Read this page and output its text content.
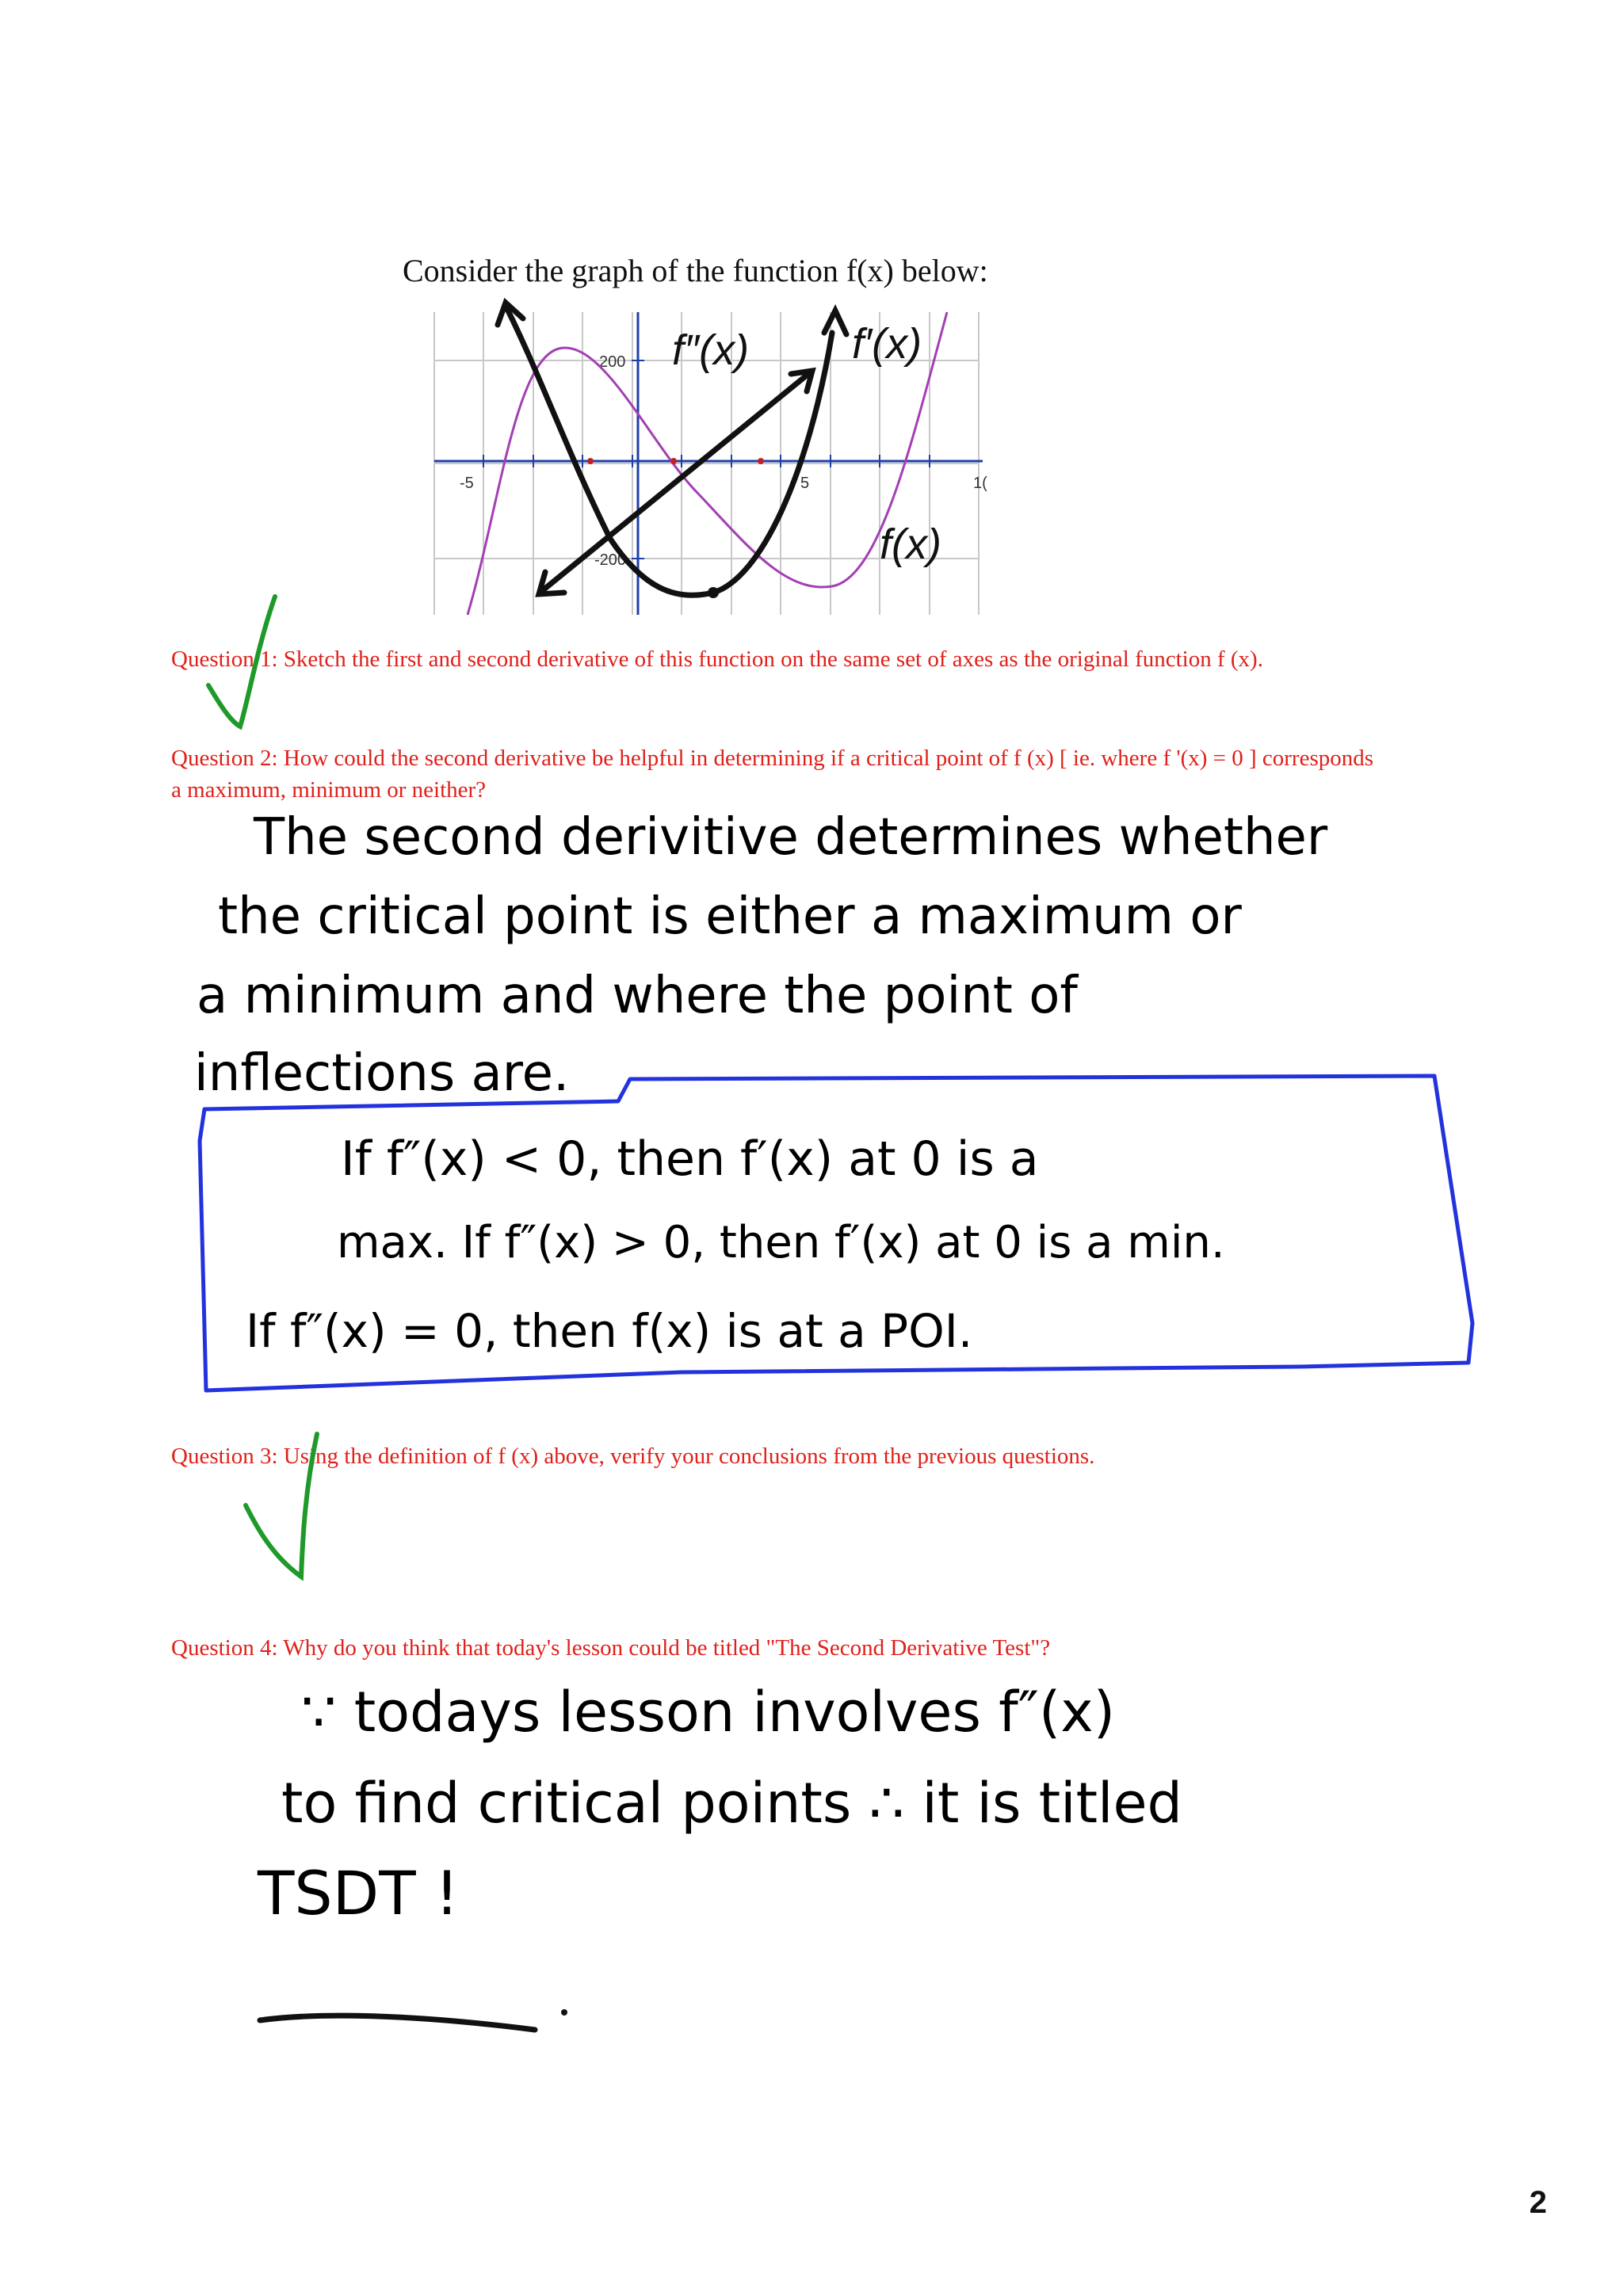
Consider the graph of the function f(x) below:
-5	5	1(
200
-200
f″(x) f′(x)
f(x)
Question 1: Sketch the first and second derivative of this function on the same set of axes as the original function f (x).
Question 2: How could the second derivative be helpful in determining if a critical point of f (x) [ ie. where f '(x) = 0 ] corresponds
a maximum, minimum or neither?
The second derivitive determines whether
the critical point is either a maximum or
a minimum and where the point of
inflections are.
If f″(x) < 0, then f′(x) at 0 is a
max. If f″(x) > 0, then f′(x) at 0 is a min.
If f″(x) = 0, then f(x) is at a POI.
Question 3: Using the definition of f (x) above, verify your conclusions from the previous questions.
Question 4: Why do you think that today's lesson could be titled "The Second Derivative Test"?
∵ todays lesson involves f″(x)
to find critical points ∴ it is titled
TSDT !
2
